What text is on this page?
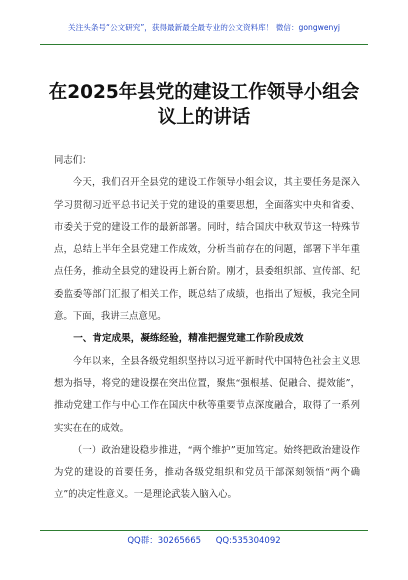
关注头条号“公文研究”，获得最新最全最专业的公文资料库！ 微信：gongwenyj
在2025年县党的建设工作领导小组会
议上的讲话

同志们：

今天，我们召开全县党的建设工作领导小组会议，其主要任务是深入学习贯彻习近平总书记关于党的建设的重要思想，全面落实中央和省委、市委关于党的建设工作的最新部署。同时，结合国庆中秋双节这一特殊节点，总结上半年全县党建工作成效，分析当前存在的问题，部署下半年重点任务，推动全县党的建设再上新台阶。刚才，县委组织部、宣传部、纪委监委等部门汇报了相关工作，既总结了成绩，也指出了短板，我完全同意。下面，我讲三点意见。

一、肯定成果，凝练经验，精准把握党建工作阶段成效

今年以来，全县各级党组织坚持以习近平新时代中国特色社会主义思想为指导，将党的建设摆在突出位置，聚焦“强根基、促融合、提效能”，推动党建工作与中心工作在国庆中秋等重要节点深度融合，取得了一系列实实在在的成效。

（一）政治建设稳步推进，“两个维护”更加笃定。始终把政治建设作为党的建设的首要任务，推动各级党组织和党员干部深刻领悟“两个确立”的决定性意义。一是理论武装入脑入心。

QQ群：30265665 QQ:535304092
